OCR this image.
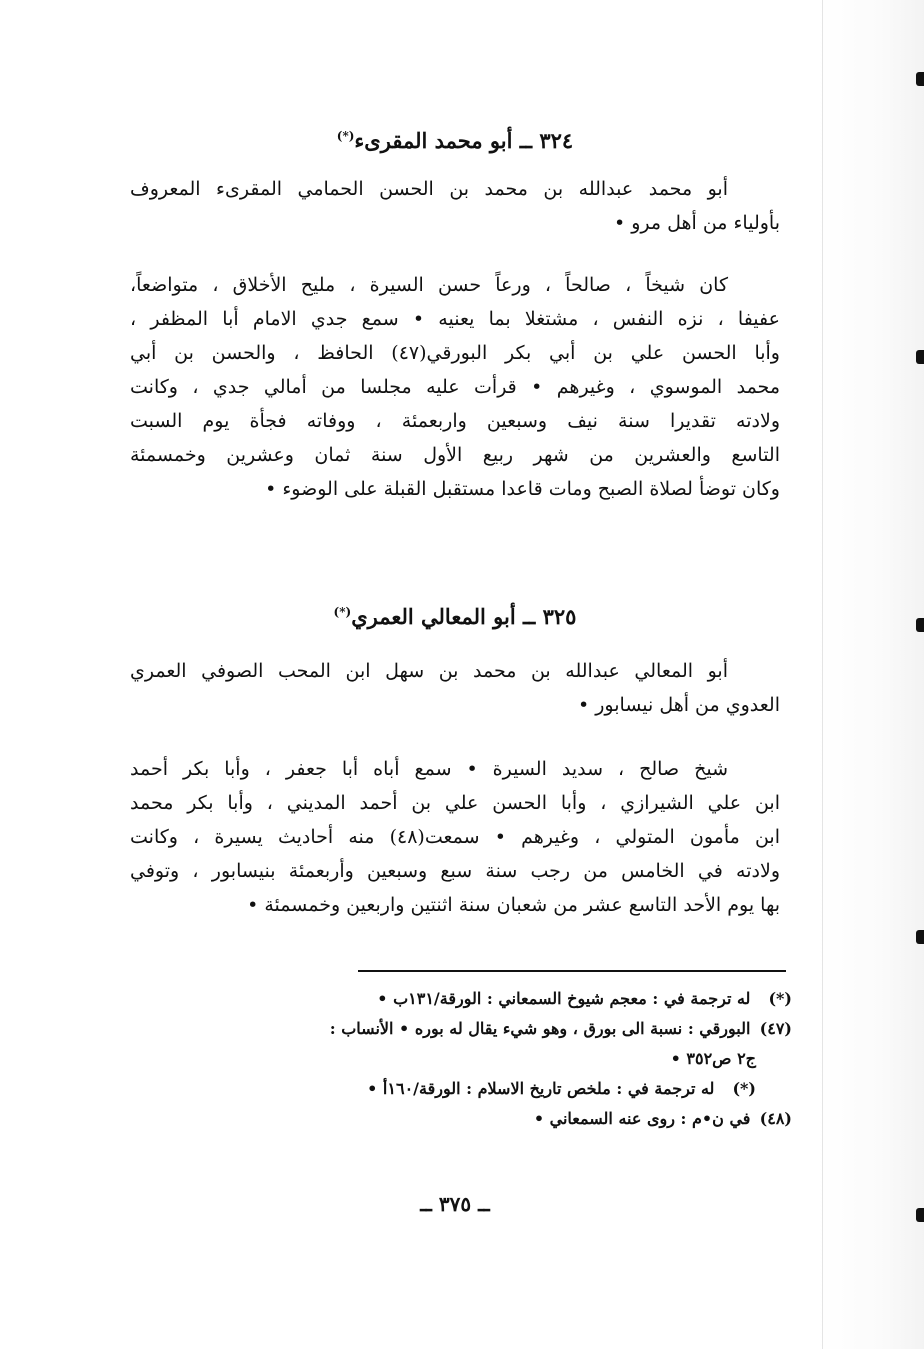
٣٢٤ ــ أبو محمد المقرىء(*)
أبو محمد عبدالله بن محمد بن الحسن الحمامي المقرىء المعروف
بأولياء من أهل مرو •
كان شيخاً ، صالحاً ، ورعاً حسن السيرة ، مليح الأخلاق ، متواضعاً،
عفيفا ، نزه النفس ، مشتغلا بما يعنيه • سمع جدي الامام أبا المظفر ،
وأبا الحسن علي بن أبي بكر البورقي(٤٧) الحافظ ، والحسن بن أبي
محمد الموسوي ، وغيرهم • قرأت عليه مجلسا من أمالي جدي ، وكانت
ولادته تقديرا سنة نيف وسبعين واربعمئة ، ووفاته فجأة يوم السبت
التاسع والعشرين من شهر ربيع الأول سنة ثمان وعشرين وخمسمئة
وكان توضأ لصلاة الصبح ومات قاعدا مستقبل القبلة على الوضوء •
٣٢٥ ــ أبو المعالي العمري(*)
أبو المعالي عبدالله بن محمد بن سهل ابن المحب الصوفي العمري
العدوي من أهل نيسابور •
شيخ صالح ، سديد السيرة • سمع أباه أبا جعفر ، وأبا بكر أحمد
ابن علي الشيرازي ، وأبا الحسن علي بن أحمد المديني ، وأبا بكر محمد
ابن مأمون المتولي ، وغيرهم • سمعت(٤٨) منه أحاديث يسيرة ، وكانت
ولادته في الخامس من رجب سنة سبع وسبعين وأربعمئة بنيسابور ، وتوفي
بها يوم الأحد التاسع عشر من شعبان سنة اثنتين واربعين وخمسمئة •
(*) له ترجمة في : معجم شيوخ السمعاني : الورقة/١٣١ب •
(٤٧) البورقي : نسبة الى بورق ، وهو شيء يقال له بوره • الأنساب :
ج٢ ص٣٥٢ •
(*) له ترجمة في : ملخص تاريخ الاسلام : الورقة/١٦٠أ •
(٤٨) في ن•م : روى عنه السمعاني •
ــ ٣٧٥ ــ
